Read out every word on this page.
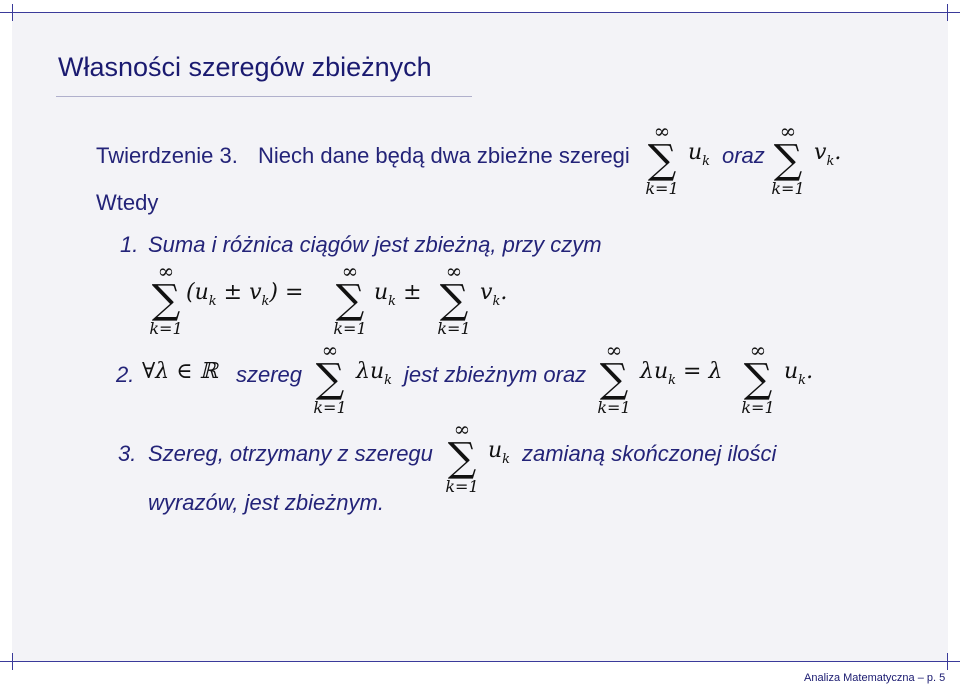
Własności szeregów zbieżnych
Twierdzenie 3. Niech dane będą dwa zbieżne szeregi
∞
∑
k=1
$u_k$ oraz
∞
∑
k=1
$v_k$.
Wtedy
1. Suma i różnica ciągów jest zbieżną, przy czym
∞
∑
k=1
$(u_k \pm v_k)$ =
∞
∑
k=1
$u_k$ ±
∞
∑
k=1
$v_k$.
2. ∀λ ∈ ℝ szereg
∞
∑
k=1
$\lambda u_k$ jest zbieżnym oraz
∞
∑
k=1
$\lambda u_k = \lambda$
∞
∑
k=1
$u_k$.
3. Szereg, otrzymany z szeregu
∞
∑
k=1
$u_k$ zamianą skończonej ilości
wyrazów, jest zbieżnym.
Analiza Matematyczna – p. 5
